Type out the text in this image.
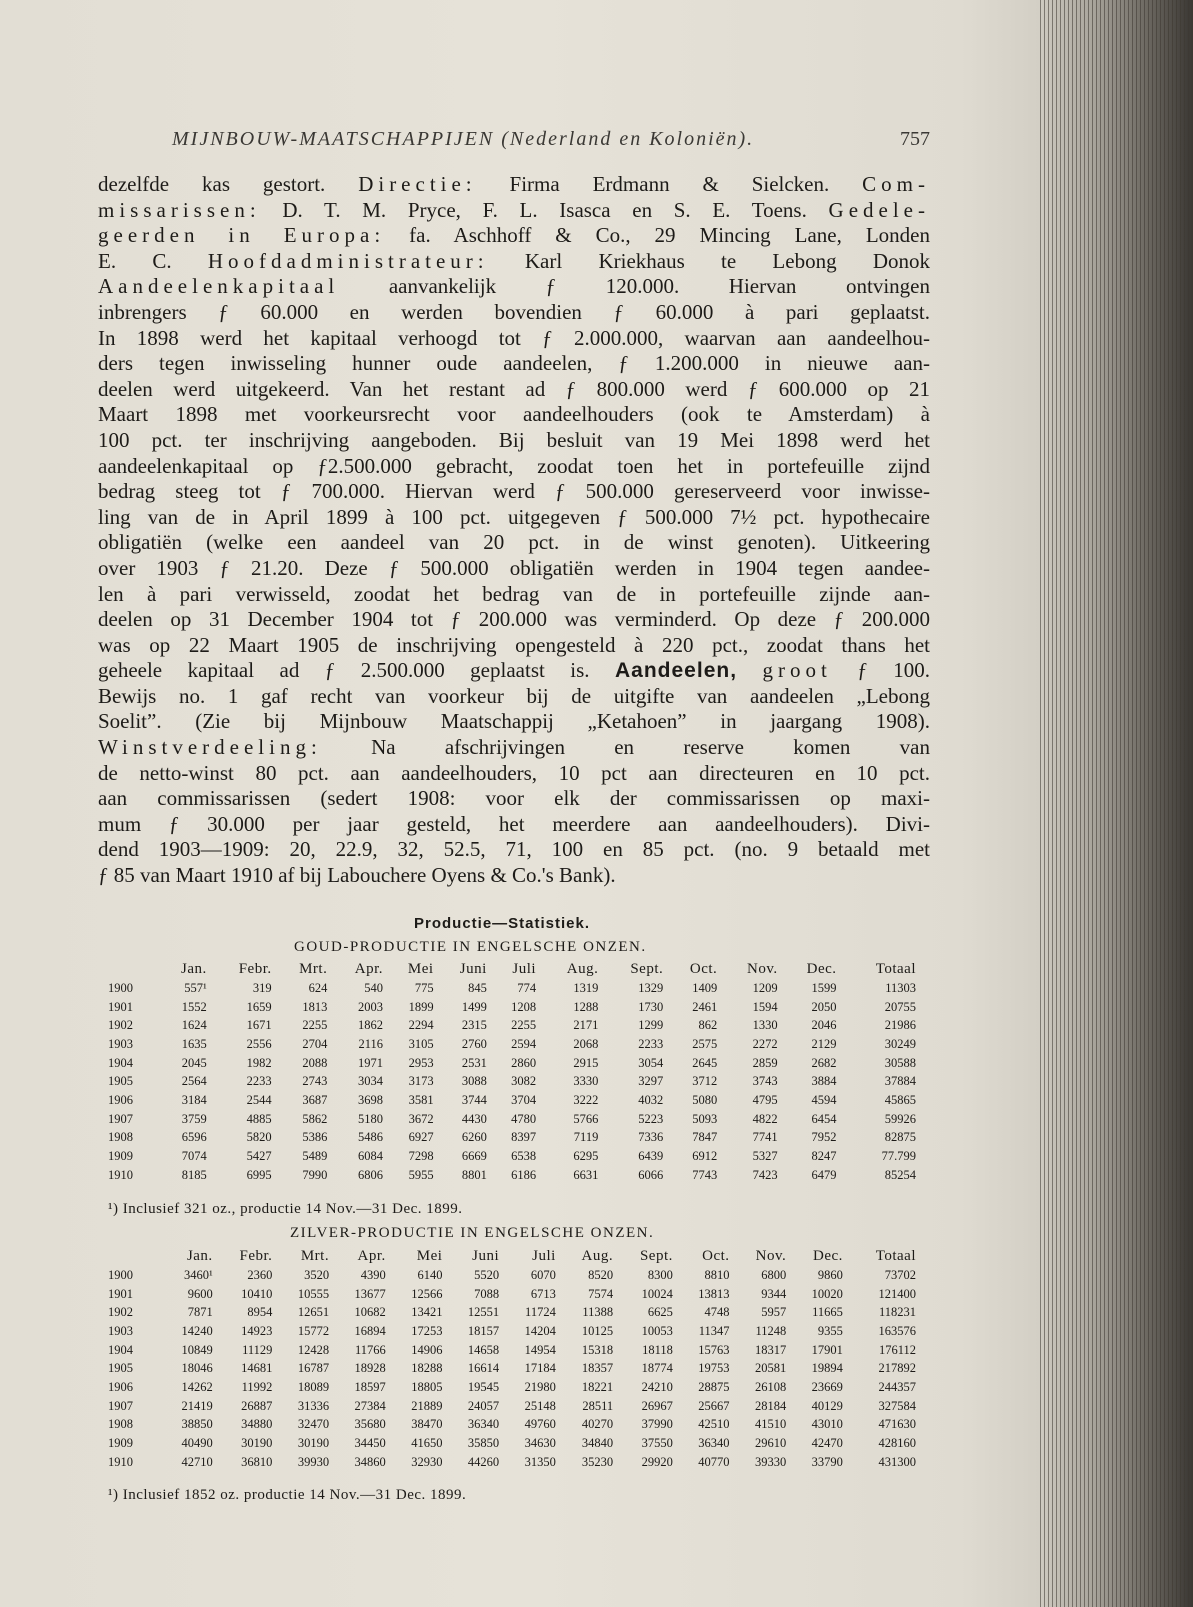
MIJNBOUW-MAATSCHAPPIJEN (Nederland en Koloniën).	757
dezelfde kas gestort. Directie: Firma Erdmann & Sielcken. Com-
missarissen: D. T. M. Pryce, F. L. Isasca en S. E. Toens. Gedele-
geerden in Europa: fa. Aschhoff & Co., 29 Mincing Lane, Londen
E. C. Hoofdadministrateur: Karl Kriekhaus te Lebong Donok
Aandeelenkapitaal aanvankelijk ƒ 120.000. Hiervan ontvingen
inbrengers ƒ 60.000 en werden bovendien ƒ 60.000 à pari geplaatst.
In 1898 werd het kapitaal verhoogd tot ƒ 2.000.000, waarvan aan aandeelhou-
ders tegen inwisseling hunner oude aandeelen, ƒ 1.200.000 in nieuwe aan-
deelen werd uitgekeerd. Van het restant ad ƒ 800.000 werd ƒ 600.000 op 21
Maart 1898 met voorkeursrecht voor aandeelhouders (ook te Amsterdam) à
100 pct. ter inschrijving aangeboden. Bij besluit van 19 Mei 1898 werd het
aandeelenkapitaal op ƒ2.500.000 gebracht, zoodat toen het in portefeuille zijnd
bedrag steeg tot ƒ 700.000. Hiervan werd ƒ 500.000 gereserveerd voor inwisse-
ling van de in April 1899 à 100 pct. uitgegeven ƒ 500.000 7½ pct. hypothecaire
obligatiën (welke een aandeel van 20 pct. in de winst genoten). Uitkeering
over 1903 ƒ 21.20. Deze ƒ 500.000 obligatiën werden in 1904 tegen aandee-
len à pari verwisseld, zoodat het bedrag van de in portefeuille zijnde aan-
deelen op 31 December 1904 tot ƒ 200.000 was verminderd. Op deze ƒ 200.000
was op 22 Maart 1905 de inschrijving opengesteld à 220 pct., zoodat thans het
geheele kapitaal ad ƒ 2.500.000 geplaatst is. Aandeelen, groot ƒ 100.
Bewijs no. 1 gaf recht van voorkeur bij de uitgifte van aandeelen „Lebong
Soelit”. (Zie bij Mijnbouw Maatschappij „Ketahoen” in jaargang 1908).
Winstverdeeling: Na afschrijvingen en reserve komen van
de netto-winst 80 pct. aan aandeelhouders, 10 pct aan directeuren en 10 pct.
aan commissarissen (sedert 1908: voor elk der commissarissen op maxi-
mum ƒ 30.000 per jaar gesteld, het meerdere aan aandeelhouders). Divi-
dend 1903—1909: 20, 22.9, 32, 52.5, 71, 100 en 85 pct. (no. 9 betaald met
ƒ 85 van Maart 1910 af bij Labouchere Oyens & Co.'s Bank).
Productie—Statistiek.
GOUD-PRODUCTIE IN ENGELSCHE ONZEN.
	Jan.	Febr.	Mrt.	Apr.	Mei	Juni	Juli	Aug.	Sept.	Oct.	Nov.	Dec.	Totaal
1900	557¹	319	624	540	775	845	774	1319	1329	1409	1209	1599	11303
1901	1552	1659	1813	2003	1899	1499	1208	1288	1730	2461	1594	2050	20755
1902	1624	1671	2255	1862	2294	2315	2255	2171	1299	862	1330	2046	21986
1903	1635	2556	2704	2116	3105	2760	2594	2068	2233	2575	2272	2129	30249
1904	2045	1982	2088	1971	2953	2531	2860	2915	3054	2645	2859	2682	30588
1905	2564	2233	2743	3034	3173	3088	3082	3330	3297	3712	3743	3884	37884
1906	3184	2544	3687	3698	3581	3744	3704	3222	4032	5080	4795	4594	45865
1907	3759	4885	5862	5180	3672	4430	4780	5766	5223	5093	4822	6454	59926
1908	6596	5820	5386	5486	6927	6260	8397	7119	7336	7847	7741	7952	82875
1909	7074	5427	5489	6084	7298	6669	6538	6295	6439	6912	5327	8247	77.799
1910	8185	6995	7990	6806	5955	8801	6186	6631	6066	7743	7423	6479	85254
¹) Inclusief 321 oz., productie 14 Nov.—31 Dec. 1899.
ZILVER-PRODUCTIE IN ENGELSCHE ONZEN.
	Jan.	Febr.	Mrt.	Apr.	Mei	Juni	Juli	Aug.	Sept.	Oct.	Nov.	Dec.	Totaal
1900	3460¹	2360	3520	4390	6140	5520	6070	8520	8300	8810	6800	9860	73702
1901	9600	10410	10555	13677	12566	7088	6713	7574	10024	13813	9344	10020	121400
1902	7871	8954	12651	10682	13421	12551	11724	11388	6625	4748	5957	11665	118231
1903	14240	14923	15772	16894	17253	18157	14204	10125	10053	11347	11248	9355	163576
1904	10849	11129	12428	11766	14906	14658	14954	15318	18118	15763	18317	17901	176112
1905	18046	14681	16787	18928	18288	16614	17184	18357	18774	19753	20581	19894	217892
1906	14262	11992	18089	18597	18805	19545	21980	18221	24210	28875	26108	23669	244357
1907	21419	26887	31336	27384	21889	24057	25148	28511	26967	25667	28184	40129	327584
1908	38850	34880	32470	35680	38470	36340	49760	40270	37990	42510	41510	43010	471630
1909	40490	30190	30190	34450	41650	35850	34630	34840	37550	36340	29610	42470	428160
1910	42710	36810	39930	34860	32930	44260	31350	35230	29920	40770	39330	33790	431300
¹) Inclusief 1852 oz. productie 14 Nov.—31 Dec. 1899.
